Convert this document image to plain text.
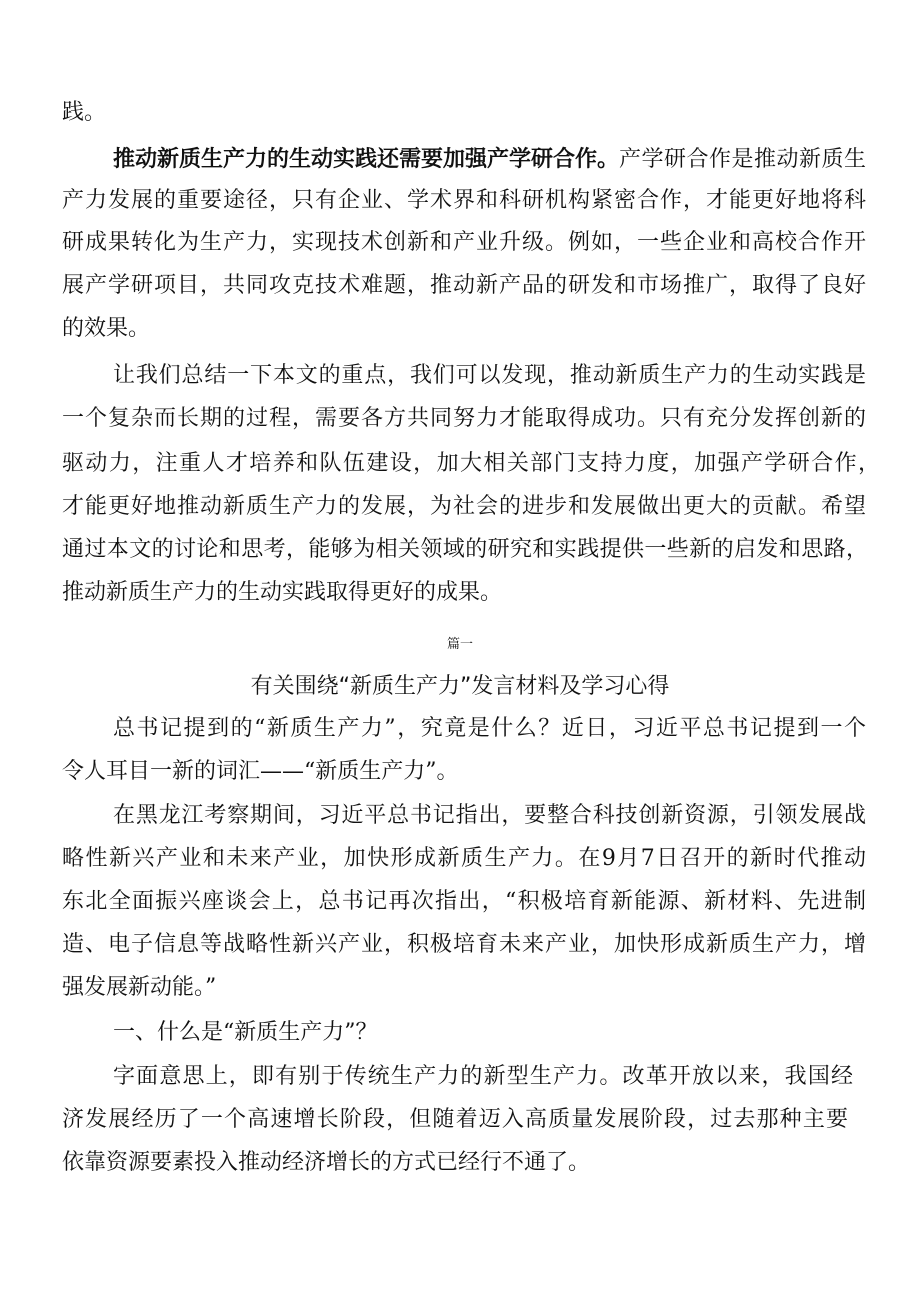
践。
推动新质生产力的生动实践还需要加强产学研合作。产学研合作是推动新质生
产力发展的重要途径，只有企业、学术界和科研机构紧密合作，才能更好地将科
研成果转化为生产力，实现技术创新和产业升级。例如，一些企业和高校合作开
展产学研项目，共同攻克技术难题，推动新产品的研发和市场推广，取得了良好
的效果。
让我们总结一下本文的重点，我们可以发现，推动新质生产力的生动实践是
一个复杂而长期的过程，需要各方共同努力才能取得成功。只有充分发挥创新的
驱动力，注重人才培养和队伍建设，加大相关部门支持力度，加强产学研合作，
才能更好地推动新质生产力的发展，为社会的进步和发展做出更大的贡献。希望
通过本文的讨论和思考，能够为相关领域的研究和实践提供一些新的启发和思路，
推动新质生产力的生动实践取得更好的成果。
篇一
有关围绕“新质生产力”发言材料及学习心得
总书记提到的“新质生产力”，究竟是什么？近日，习近平总书记提到一个
令人耳目一新的词汇——“新质生产力”。
在黑龙江考察期间，习近平总书记指出，要整合科技创新资源，引领发展战
略性新兴产业和未来产业，加快形成新质生产力。在9月7日召开的新时代推动
东北全面振兴座谈会上，总书记再次指出，“积极培育新能源、新材料、先进制
造、电子信息等战略性新兴产业，积极培育未来产业，加快形成新质生产力，增
强发展新动能。”
一、什么是“新质生产力”？
字面意思上，即有别于传统生产力的新型生产力。改革开放以来，我国经
济发展经历了一个高速增长阶段，但随着迈入高质量发展阶段，过去那种主要
依靠资源要素投入推动经济增长的方式已经行不通了。
